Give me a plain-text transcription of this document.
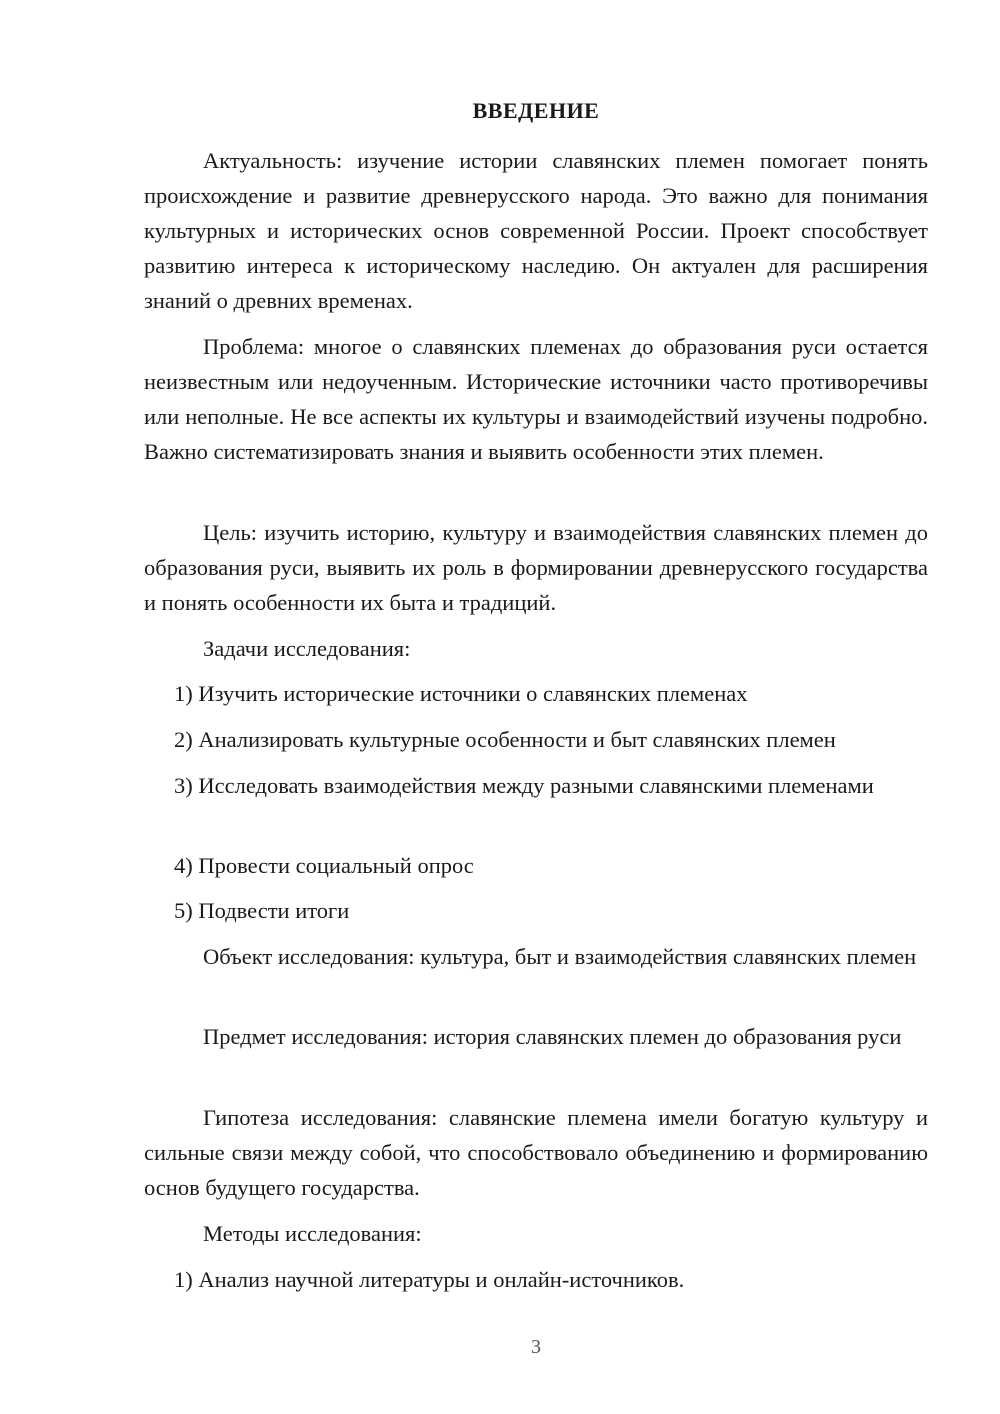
ВВЕДЕНИЕ

Актуальность: изучение истории славянских племен помогает понять происхождение и развитие древнерусского народа. Это важно для понимания культурных и исторических основ современной России. Проект способствует развитию интереса к историческому наследию. Он актуален для расширения знаний о древних временах.

Проблема: многое о славянских племенах до образования руси остается неизвестным или недоученным. Исторические источники часто противоречивы или неполные. Не все аспекты их культуры и взаимодействий изучены подробно. Важно систематизировать знания и выявить особенности этих племен.

Цель: изучить историю, культуру и взаимодействия славянских племен до образования руси, выявить их роль в формировании древнерусского государства и понять особенности их быта и традиций.

Задачи исследования:

1) Изучить исторические источники о славянских племенах

2) Анализировать культурные особенности и быт славянских племен

3) Исследовать взаимодействия между разными славянскими племенами

4) Провести социальный опрос

5) Подвести итоги

Объект исследования: культура, быт и взаимодействия славянских племен

Предмет исследования: история славянских племен до образования руси

Гипотеза исследования: славянские племена имели богатую культуру и сильные связи между собой, что способствовало объединению и формированию основ будущего государства.

Методы исследования:

1) Анализ научной литературы и онлайн-источников.

3
